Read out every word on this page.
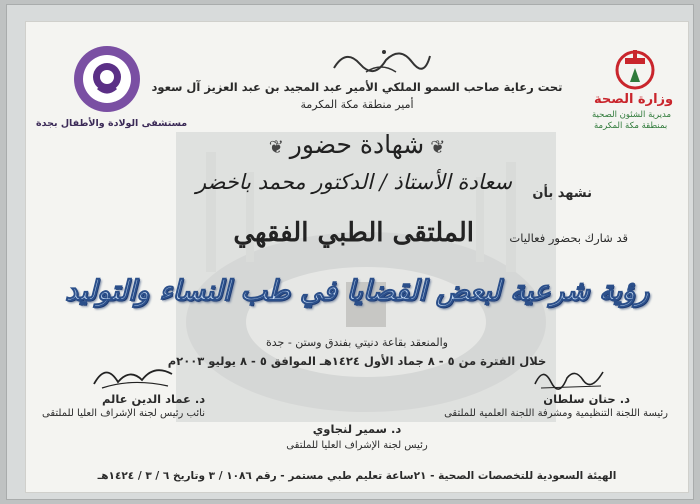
مستشفى الولادة والأطفال بجدة
وزارة الصحة
مديرية الشئون الصحية
بمنطقة مكة المكرمة
تحت رعاية صاحب السمو الملكي الأمير عبد المجيد بن عبد العزيز آل سعود
أمير منطقة مكة المكرمة
❦شهادة حضور❦
نشهد بأن
سعادة الأستاذ / الدكتور محمد باخضر
قد شارك بحضور فعاليات
الملتقى الطبي الفقهي
رؤية شرعية لبعض القضايا في طب النساء والتوليد
والمنعقد بقاعة دنيتي بفندق وستن - جدة
خلال الفترة من ٥ - ٨ جماد الأول ١٤٢٤هـ الموافق ٥ - ٨ يوليو ٢٠٠٣م
د. حنان سلطان
رئيسة اللجنة التنظيمية ومشرفة اللجنة العلمية للملتقى
د. عماد الدين عالم
نائب رئيس لجنة الإشراف العليا للملتقى
د. سمير لنجاوي
رئيس لجنة الإشراف العليا للملتقى
الهيئة السعودية للتخصصات الصحية - ٢١ساعة تعليم طبي مستمر - رقم ١٠٨٦ / ٣ وتاريخ ٦ / ٣ / ١٤٢٤هـ
